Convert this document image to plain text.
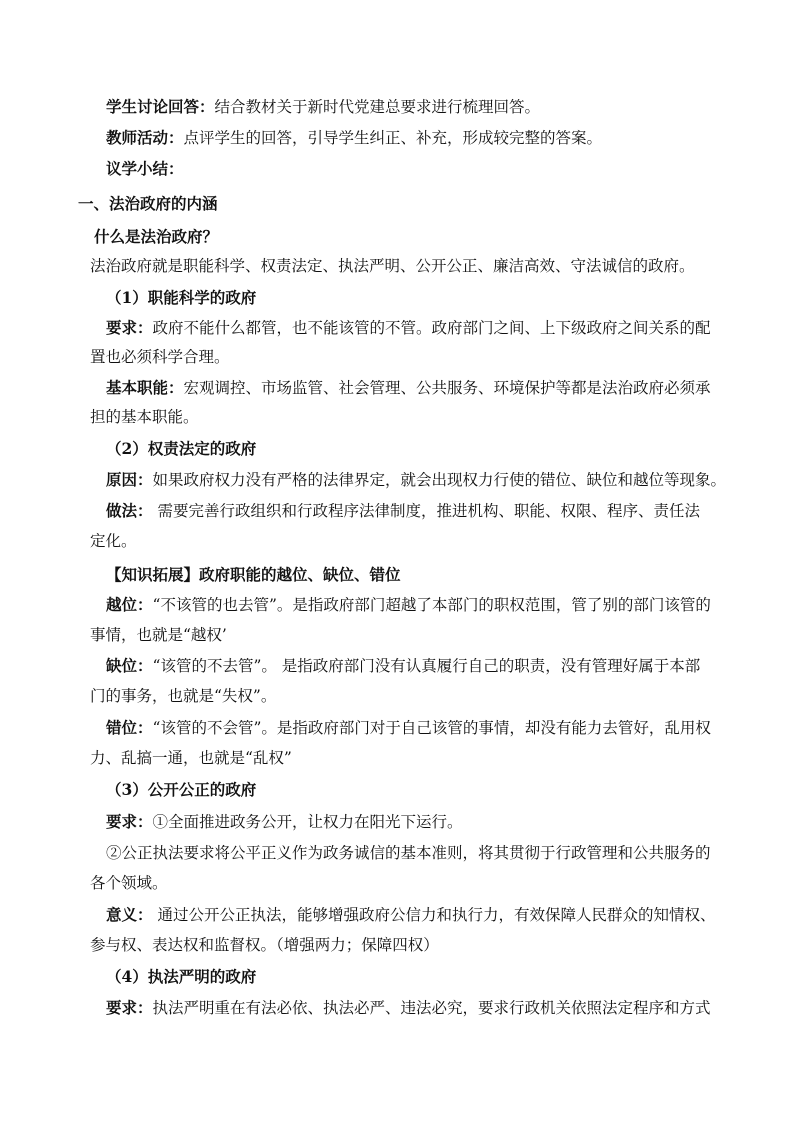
学生讨论回答：结合教材关于新时代党建总要求进行梳理回答。
教师活动：点评学生的回答，引导学生纠正、补充，形成较完整的答案。
议学小结：
一、法治政府的内涵
什么是法治政府？
法治政府就是职能科学、权责法定、执法严明、公开公正、廉洁高效、守法诚信的政府。
（1）职能科学的政府
要求：政府不能什么都管，也不能该管的不管。政府部门之间、上下级政府之间关系的配
置也必须科学合理。
基本职能：宏观调控、市场监管、社会管理、公共服务、环境保护等都是法治政府必须承
担的基本职能。
（2）权责法定的政府
原因：如果政府权力没有严格的法律界定，就会出现权力行使的错位、缺位和越位等现象。
做法： 需要完善行政组织和行政程序法律制度，推进机构、职能、权限、程序、责任法
定化。
【知识拓展】政府职能的越位、缺位、错位
越位：“不该管的也去管”。是指政府部门超越了本部门的职权范围，管了别的部门该管的
事情，也就是“越权’
缺位：“该管的不去管”。 是指政府部门没有认真履行自己的职责，没有管理好属于本部
门的事务，也就是“失权”。
错位：“该管的不会管”。是指政府部门对于自己该管的事情，却没有能力去管好，乱用权
力、乱搞一通，也就是“乱权”
（3）公开公正的政府
要求：①全面推进政务公开，让权力在阳光下运行。
②公正执法要求将公平正义作为政务诚信的基本准则，将其贯彻于行政管理和公共服务的
各个领域。
意义： 通过公开公正执法，能够增强政府公信力和执行力，有效保障人民群众的知情权、
参与权、表达权和监督权。（增强两力；保障四权）
（4）执法严明的政府
要求：执法严明重在有法必依、执法必严、违法必究，要求行政机关依照法定程序和方式
